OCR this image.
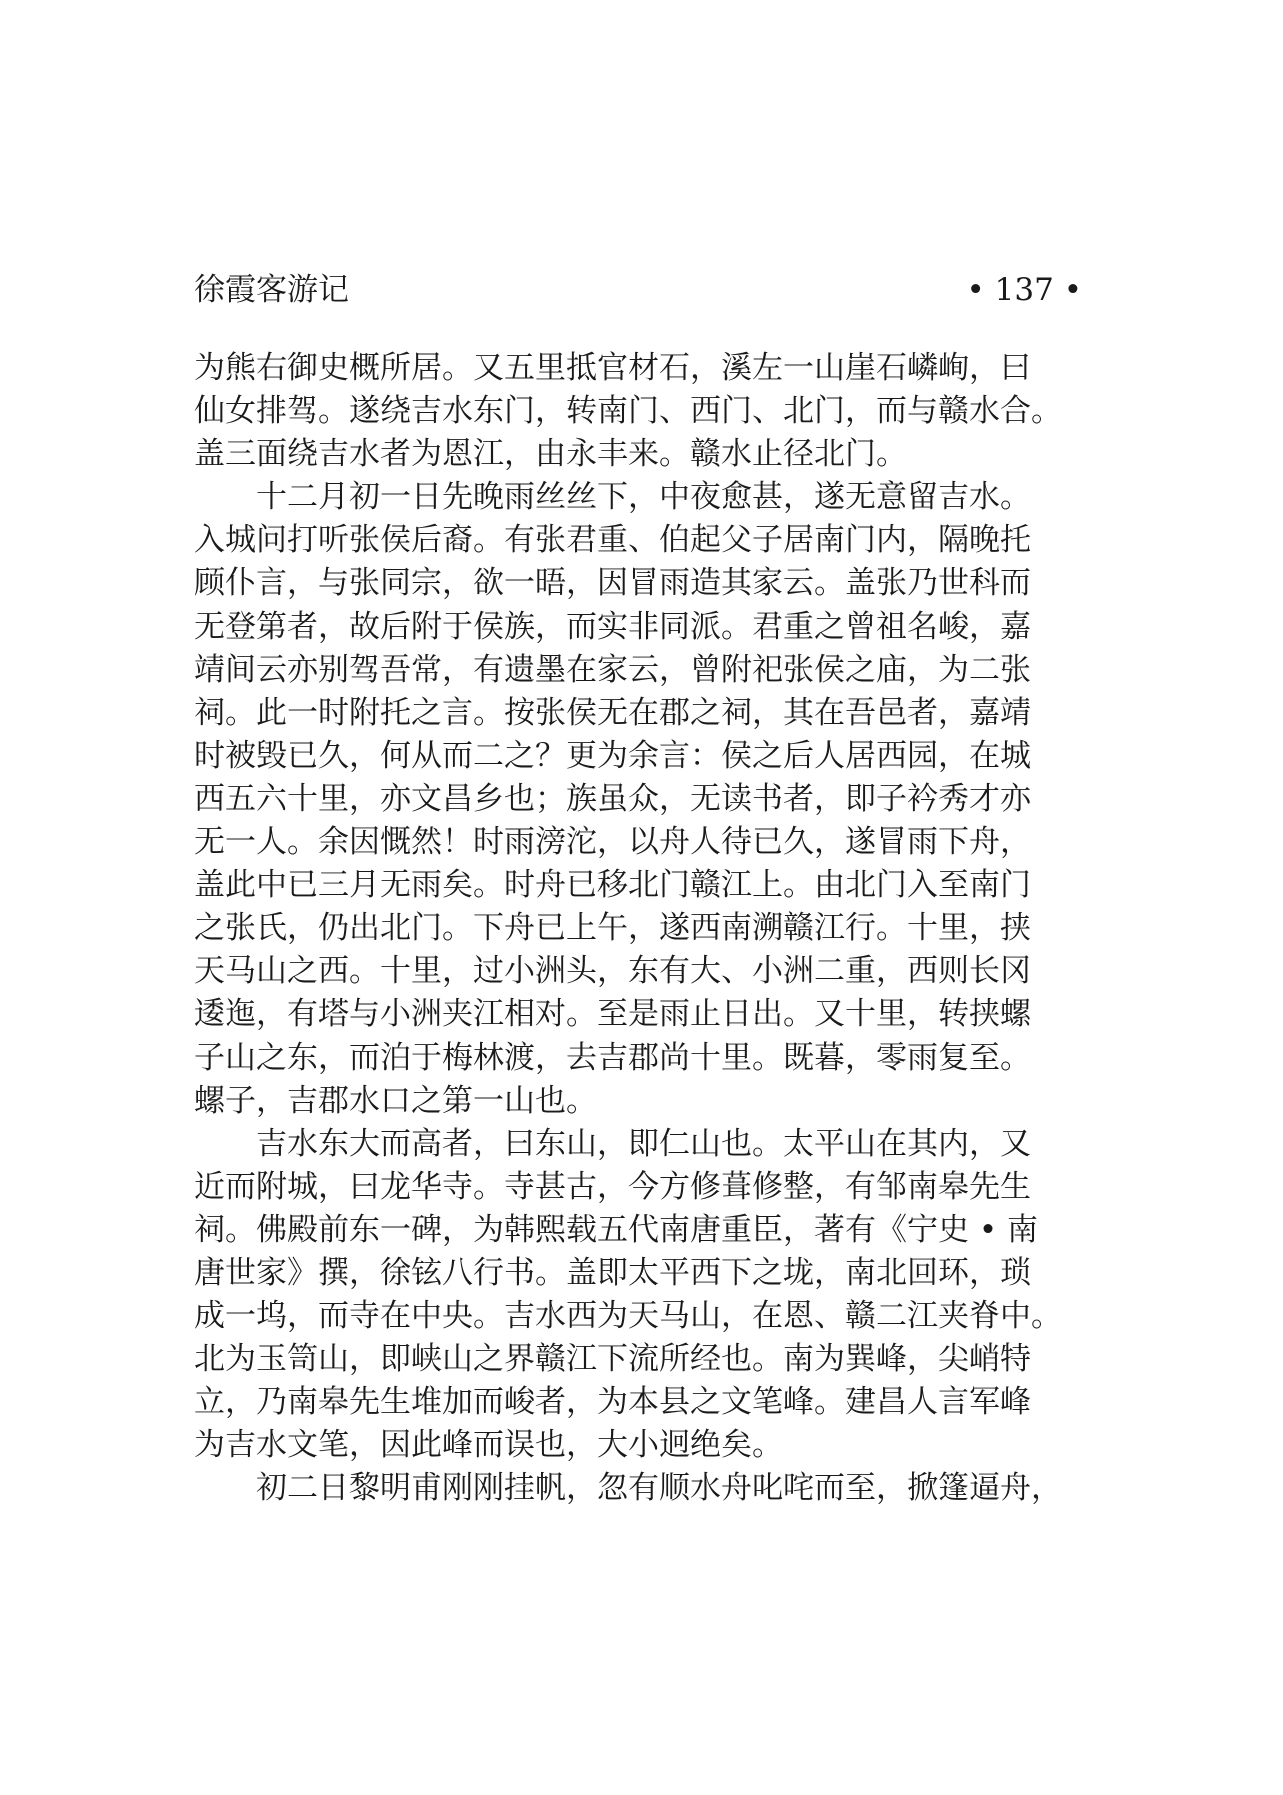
徐霞客游记	• 137 •
为熊右御史概所居。又五里抵官材石，溪左一山崖石嶙峋，曰
仙女排驾。遂绕吉水东门，转南门、西门、北门，而与赣水合。
盖三面绕吉水者为恩江，由永丰来。赣水止径北门。
　　十二月初一日先晚雨丝丝下，中夜愈甚，遂无意留吉水。
入城问打听张侯后裔。有张君重、伯起父子居南门内，隔晚托
顾仆言，与张同宗，欲一晤，因冒雨造其家云。盖张乃世科而
无登第者，故后附于侯族，而实非同派。君重之曾祖名峻，嘉
靖间云亦别驾吾常，有遗墨在家云，曾附祀张侯之庙，为二张
祠。此一时附托之言。按张侯无在郡之祠，其在吾邑者，嘉靖
时被毁已久，何从而二之？更为余言：侯之后人居西园，在城
西五六十里，亦文昌乡也；族虽众，无读书者，即子衿秀才亦
无一人。余因慨然！时雨滂沱，以舟人待已久，遂冒雨下舟，
盖此中已三月无雨矣。时舟已移北门赣江上。由北门入至南门
之张氏，仍出北门。下舟已上午，遂西南溯赣江行。十里，挟
天马山之西。十里，过小洲头，东有大、小洲二重，西则长冈
逶迤，有塔与小洲夹江相对。至是雨止日出。又十里，转挟螺
子山之东，而泊于梅林渡，去吉郡尚十里。既暮，零雨复至。
螺子，吉郡水口之第一山也。
　　吉水东大而高者，曰东山，即仁山也。太平山在其内，又
近而附城，曰龙华寺。寺甚古，今方修葺修整，有邹南皋先生
祠。佛殿前东一碑，为韩熙载五代南唐重臣，著有《宁史 • 南
唐世家》撰，徐铉八行书。盖即太平西下之垅，南北回环，琐
成一坞，而寺在中央。吉水西为天马山，在恩、赣二江夹脊中。
北为玉笥山，即峡山之界赣江下流所经也。南为巽峰，尖峭特
立，乃南皋先生堆加而峻者，为本县之文笔峰。建昌人言军峰
为吉水文笔，因此峰而误也，大小迥绝矣。
　　初二日黎明甫刚刚挂帆，忽有顺水舟叱咤而至，掀篷逼舟，
